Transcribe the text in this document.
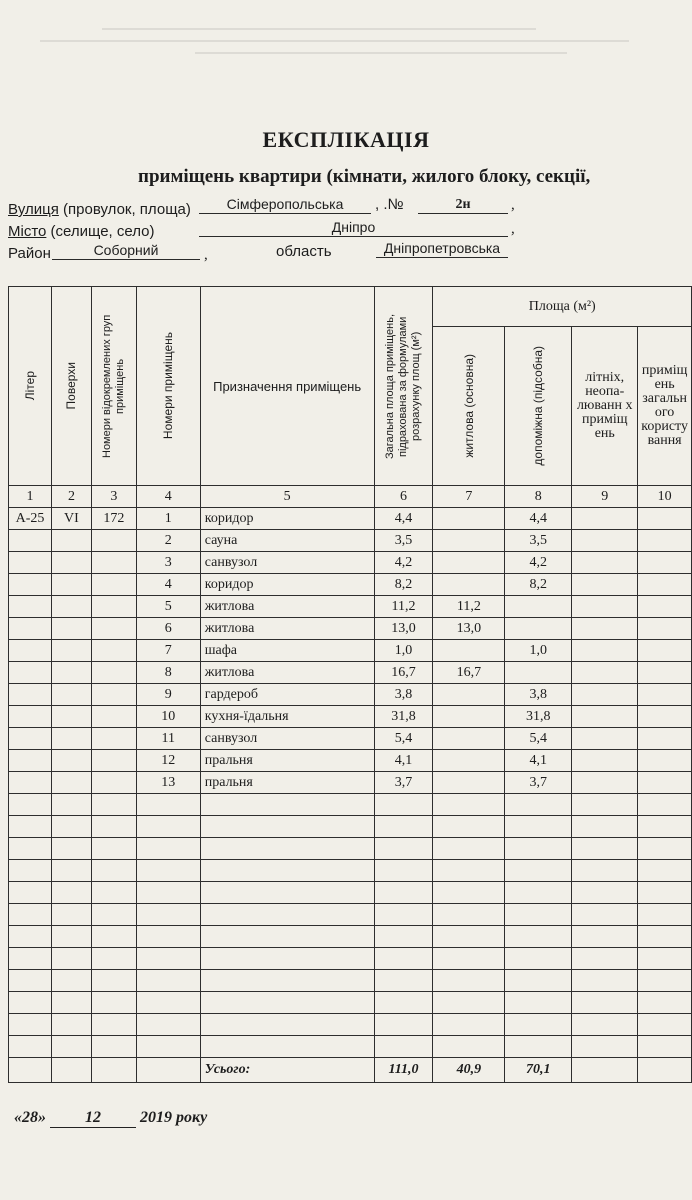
ЕКСПЛІКАЦІЯ
приміщень квартири (кімнати, жилого блоку, секції,
Вулиця (провулок, площа)	Сімферопольська	, .№	2н	,
Місто (селище, село)	Дніпро	,
Район	Соборний	,	область	Дніпропетровська
Літер	Поверхи	Номери відокремлених груп приміщень	Номери приміщень	Призначення приміщень	Загальна площа приміщень, підрахована за формулами розрахунку площ (м²)	Площа (м²)			

						житлова (основна)	допоміжна (підсобна)	літніх, неопа-люванн х приміщ ень	приміщ ень загальн ого користу вання
1	2	3	4	5	6	7	8	9	10
А-25	VI	172	1	коридор	4,4		4,4		
			2	сауна	3,5		3,5		
			3	санвузол	4,2		4,2		
			4	коридор	8,2		8,2		
			5	житлова	11,2	11,2			
			6	житлова	13,0	13,0			
			7	шафа	1,0		1,0		
			8	житлова	16,7	16,7			
			9	гардероб	3,8		3,8		
			10	кухня-їдальня	31,8		31,8		
			11	санвузол	5,4		5,4		
			12	пральня	4,1		4,1		
			13	пральня	3,7		3,7		

				Усього:	111,0	40,9	70,1		
«28» 12 2019 року
